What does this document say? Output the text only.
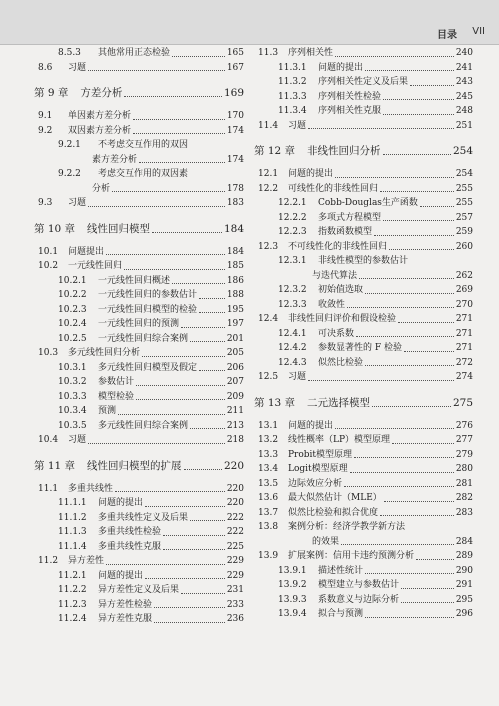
目录 VII
8.5.3	其他常用正态检验	165
8.6	习题	167
第 9 章 方差分析	169
9.1	单因素方差分析	170
9.2	双因素方差分析	174
9.2.1	不考虑交互作用的双因
素方差分析	174
9.2.2	考虑交互作用的双因素
分析	178
9.3	习题	183
第 10 章 线性回归模型	184
10.1	问题提出	184
10.2	一元线性回归	185
10.2.1	一元线性回归概述	186
10.2.2	一元线性回归的参数估计	188
10.2.3	一元线性回归模型的检验	195
10.2.4	一元线性回归的预测	197
10.2.5	一元线性回归综合案例	201
10.3	多元线性回归分析	205
10.3.1	多元线性回归模型及假定	206
10.3.2	参数估计	207
10.3.3	模型检验	209
10.3.4	预测	211
10.3.5	多元线性回归综合案例	213
10.4	习题	218
第 11 章 线性回归模型的扩展	220
11.1	多重共线性	220
11.1.1	问题的提出	220
11.1.2	多重共线性定义及后果	222
11.1.3	多重共线性检验	222
11.1.4	多重共线性克服	225
11.2	异方差性	229
11.2.1	问题的提出	229
11.2.2	异方差性定义及后果	231
11.2.3	异方差性检验	233
11.2.4	异方差性克服	236
11.3	序列相关性	240
11.3.1	问题的提出	241
11.3.2	序列相关性定义及后果	243
11.3.3	序列相关性检验	245
11.3.4	序列相关性克服	248
11.4	习题	251
第 12 章 非线性回归分析	254
12.1	问题的提出	254
12.2	可线性化的非线性回归	255
12.2.1	Cobb-Douglas生产函数	255
12.2.2	多项式方程模型	257
12.2.3	指数函数模型	259
12.3	不可线性化的非线性回归	260
12.3.1	非线性模型的参数估计
与迭代算法	262
12.3.2	初始值选取	269
12.3.3	收敛性	270
12.4	非线性回归评价和假设检验	271
12.4.1	可决系数	271
12.4.2	参数显著性的 F 检验	271
12.4.3	似然比检验	272
12.5	习题	274
第 13 章 二元选择模型	275
13.1	问题的提出	276
13.2	线性概率（LP）模型原理	277
13.3	Probit模型原理	279
13.4	Logit模型原理	280
13.5	边际效应分析	281
13.6	最大似然估计（MLE）	282
13.7	似然比检验和拟合优度	283
13.8	案例分析：经济学教学新方法
的效果	284
13.9	扩展案例：信用卡违约预测分析	289
13.9.1	描述性统计	290
13.9.2	模型建立与参数估计	291
13.9.3	系数意义与边际分析	295
13.9.4	拟合与预测	296
